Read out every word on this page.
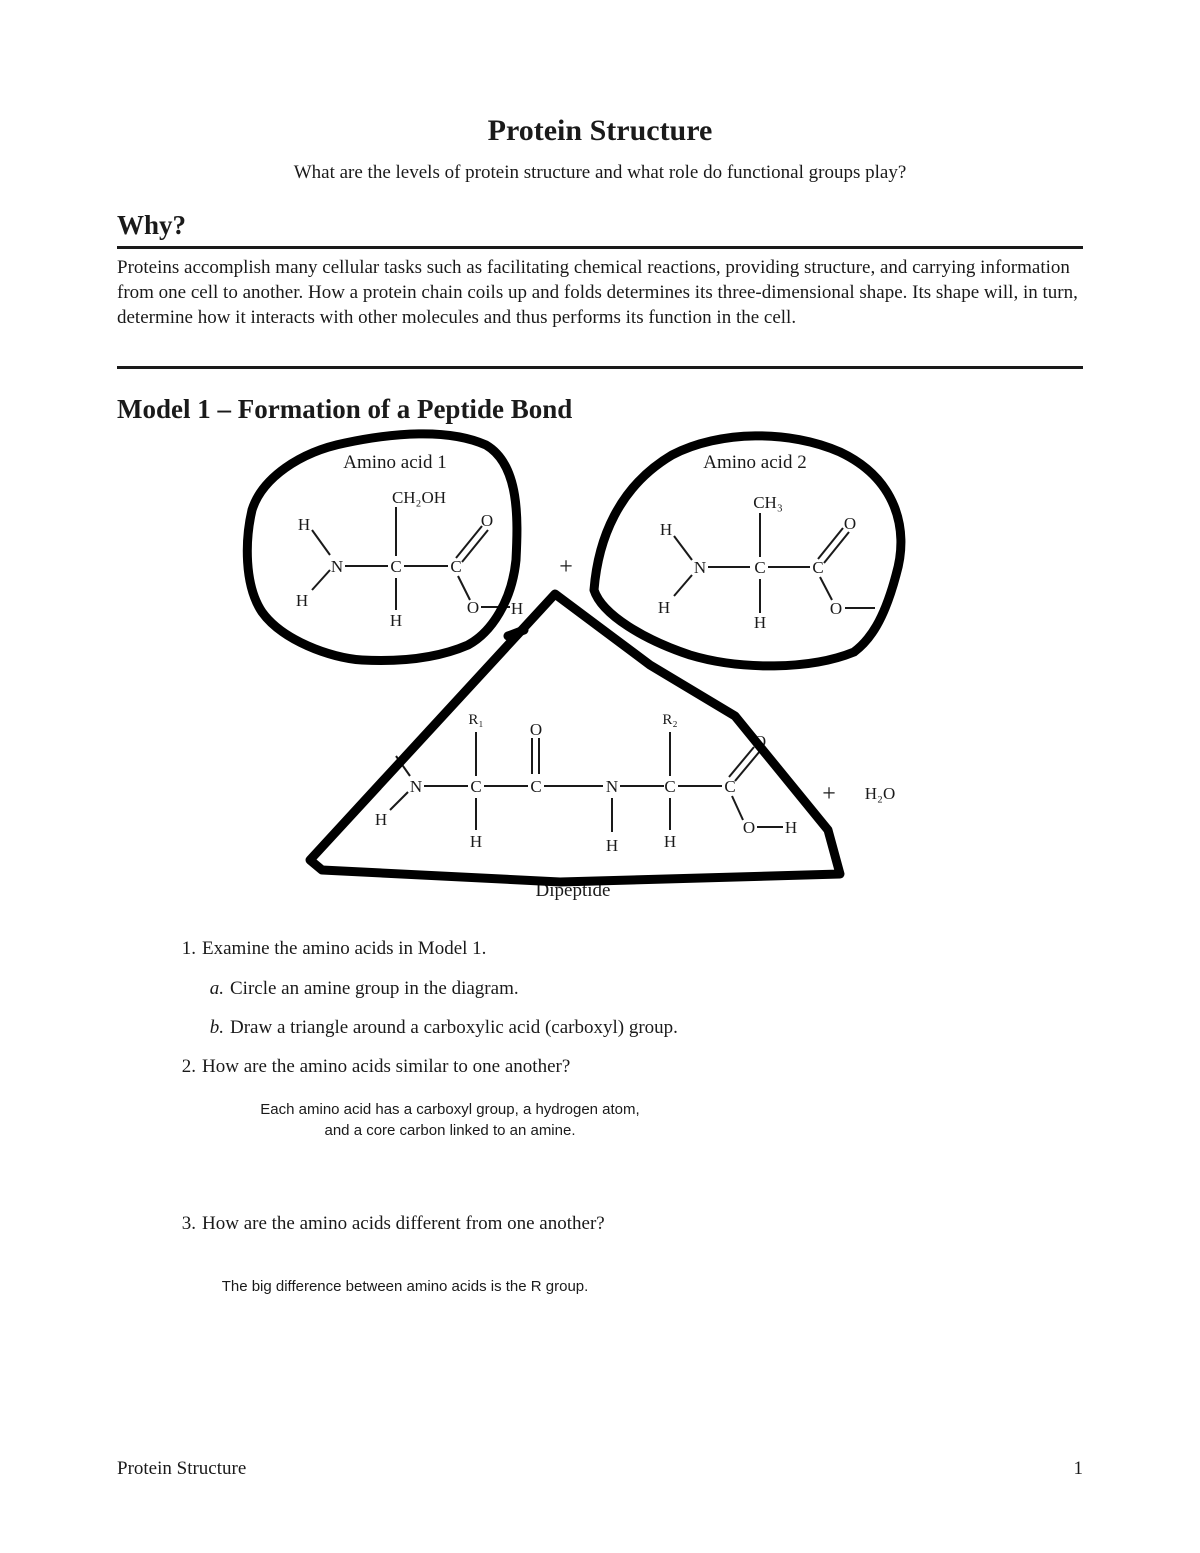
Protein Structure
What are the levels of protein structure and what role do functional groups play?
Why?
Proteins accomplish many cellular tasks such as facilitating chemical reactions, providing structure, and carrying information from one cell to another. How a protein chain coils up and folds determines its three-dimensional shape. Its shape will, in turn, determine how it interacts with other molecules and thus performs its function in the cell.
Model 1 – Formation of a Peptide Bond
Amino acid 1	Amino acid 2
CH₂OH	CH₃
H
H
N	C	C
O
O H
H
+
H
H
N	C	C
O
O
H
R₁	O	R₂
O
N
H
C	C	N	C	C
O H
H	H	H
+ H₂O
Dipeptide
1. Examine the amino acids in Model 1.
a. Circle an amine group in the diagram.
b. Draw a triangle around a carboxylic acid (carboxyl) group.
2. How are the amino acids similar to one another?
Each amino acid has a carboxyl group, a hydrogen atom,
and a core carbon linked to an amine.
3. How are the amino acids different from one another?
The big difference between amino acids is the R group.
Protein Structure	1
